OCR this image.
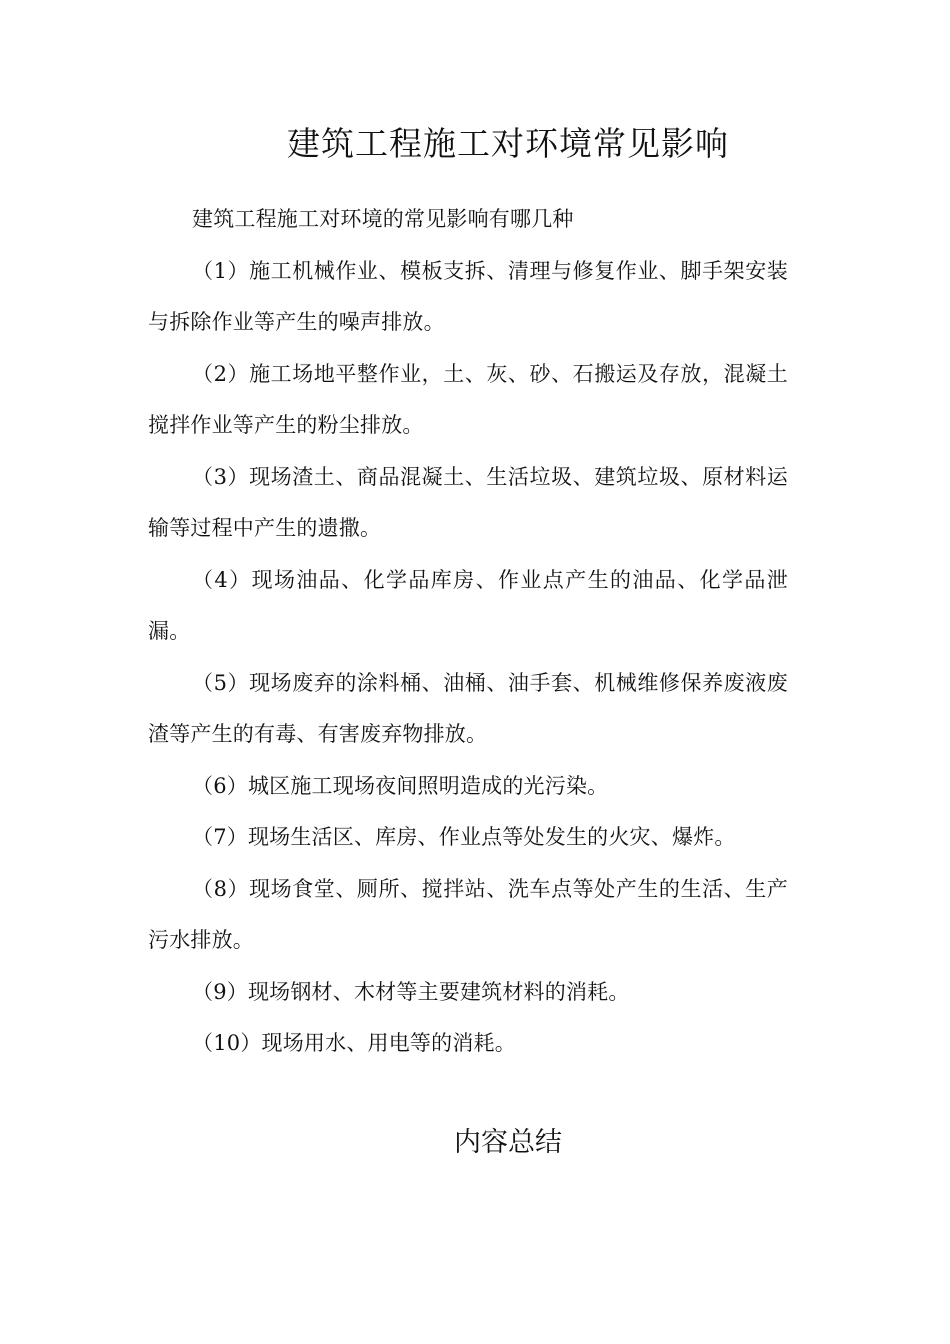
建筑工程施工对环境常见影响

建筑工程施工对环境的常见影响有哪几种

（1）施工机械作业、模板支拆、清理与修复作业、脚手架安装与拆除作业等产生的噪声排放。

（2）施工场地平整作业，土、灰、砂、石搬运及存放，混凝土搅拌作业等产生的粉尘排放。

（3）现场渣土、商品混凝土、生活垃圾、建筑垃圾、原材料运输等过程中产生的遗撒。

（4）现场油品、化学品库房、作业点产生的油品、化学品泄漏。

（5）现场废弃的涂料桶、油桶、油手套、机械维修保养废液废渣等产生的有毒、有害废弃物排放。

（6）城区施工现场夜间照明造成的光污染。

（7）现场生活区、库房、作业点等处发生的火灾、爆炸。

（8）现场食堂、厕所、搅拌站、洗车点等处产生的生活、生产污水排放。

（9）现场钢材、木材等主要建筑材料的消耗。

（10）现场用水、用电等的消耗。

内容总结
